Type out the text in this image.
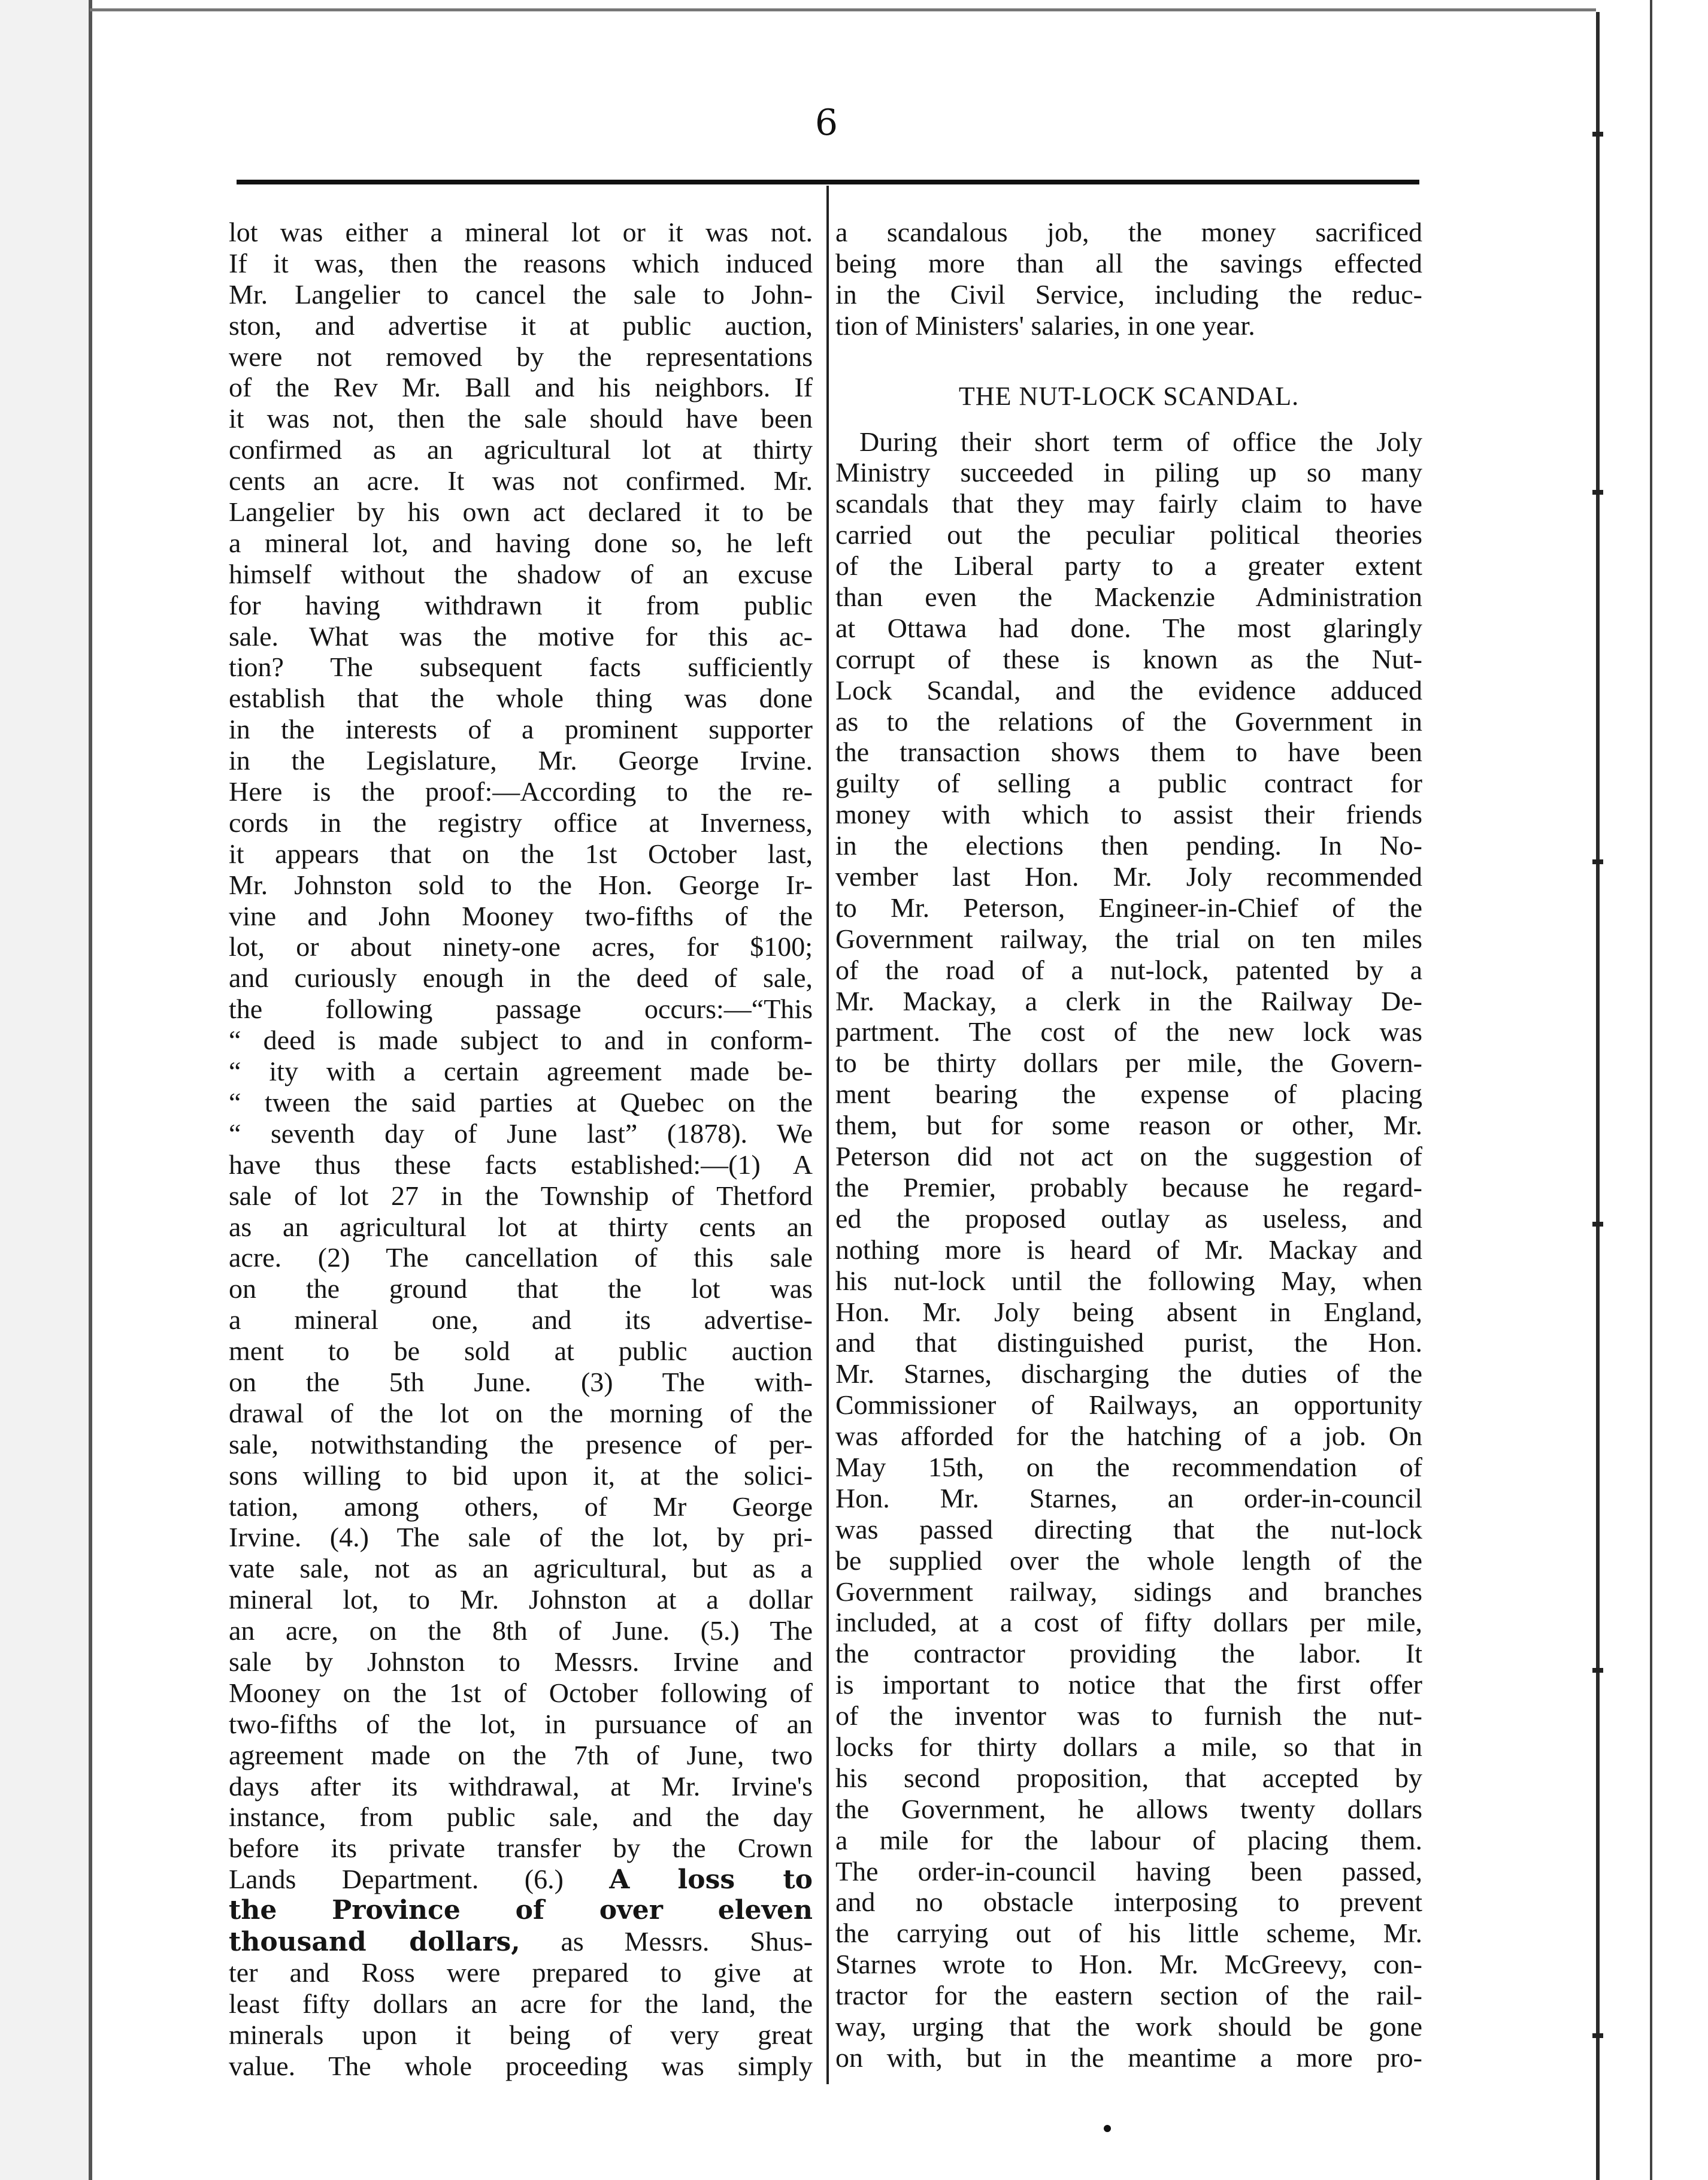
6
lot was either a mineral lot or it was not.
If it was, then the reasons which induced
Mr. Langelier to cancel the sale to John-
ston, and advertise it at public auction,
were not removed by the representations
of the Rev Mr. Ball and his neighbors. If
it was not, then the sale should have been
confirmed as an agricultural lot at thirty
cents an acre. It was not confirmed. Mr.
Langelier by his own act declared it to be
a mineral lot, and having done so, he left
himself without the shadow of an excuse
for having withdrawn it from public
sale. What was the motive for this ac-
tion? The subsequent facts sufficiently
establish that the whole thing was done
in the interests of a prominent supporter
in the Legislature, Mr. George Irvine.
Here is the proof:—According to the re-
cords in the registry office at Inverness,
it appears that on the 1st October last,
Mr. Johnston sold to the Hon. George Ir-
vine and John Mooney two-fifths of the
lot, or about ninety-one acres, for $100;
and curiously enough in the deed of sale,
the following passage occurs:—“This
“ deed is made subject to and in conform-
“ ity with a certain agreement made be-
“ tween the said parties at Quebec on the
“ seventh day of June last” (1878). We
have thus these facts established:—(1) A
sale of lot 27 in the Township of Thetford
as an agricultural lot at thirty cents an
acre. (2) The cancellation of this sale
on the ground that the lot was
a mineral one, and its advertise-
ment to be sold at public auction
on the 5th June. (3) The with-
drawal of the lot on the morning of the
sale, notwithstanding the presence of per-
sons willing to bid upon it, at the solici-
tation, among others, of Mr George
Irvine. (4.) The sale of the lot, by pri-
vate sale, not as an agricultural, but as a
mineral lot, to Mr. Johnston at a dollar
an acre, on the 8th of June. (5.) The
sale by Johnston to Messrs. Irvine and
Mooney on the 1st of October following of
two-fifths of the lot, in pursuance of an
agreement made on the 7th of June, two
days after its withdrawal, at Mr. Irvine's
instance, from public sale, and the day
before its private transfer by the Crown
Lands Department. (6.) A loss to
the Province of over eleven
thousand dollars, as Messrs. Shus-
ter and Ross were prepared to give at
least fifty dollars an acre for the land, the
minerals upon it being of very great
value. The whole proceeding was simply
a scandalous job, the money sacrificed
being more than all the savings effected
in the Civil Service, including the reduc-
tion of Ministers' salaries, in one year.
THE NUT-LOCK SCANDAL.
During their short term of office the Joly
Ministry succeeded in piling up so many
scandals that they may fairly claim to have
carried out the peculiar political theories
of the Liberal party to a greater extent
than even the Mackenzie Administration
at Ottawa had done. The most glaringly
corrupt of these is known as the Nut-
Lock Scandal, and the evidence adduced
as to the relations of the Government in
the transaction shows them to have been
guilty of selling a public contract for
money with which to assist their friends
in the elections then pending. In No-
vember last Hon. Mr. Joly recommended
to Mr. Peterson, Engineer-in-Chief of the
Government railway, the trial on ten miles
of the road of a nut-lock, patented by a
Mr. Mackay, a clerk in the Railway De-
partment. The cost of the new lock was
to be thirty dollars per mile, the Govern-
ment bearing the expense of placing
them, but for some reason or other, Mr.
Peterson did not act on the suggestion of
the Premier, probably because he regard-
ed the proposed outlay as useless, and
nothing more is heard of Mr. Mackay and
his nut-lock until the following May, when
Hon. Mr. Joly being absent in England,
and that distinguished purist, the Hon.
Mr. Starnes, discharging the duties of the
Commissioner of Railways, an opportunity
was afforded for the hatching of a job. On
May 15th, on the recommendation of
Hon. Mr. Starnes, an order-in-council
was passed directing that the nut-lock
be supplied over the whole length of the
Government railway, sidings and branches
included, at a cost of fifty dollars per mile,
the contractor providing the labor. It
is important to notice that the first offer
of the inventor was to furnish the nut-
locks for thirty dollars a mile, so that in
his second proposition, that accepted by
the Government, he allows twenty dollars
a mile for the labour of placing them.
The order-in-council having been passed,
and no obstacle interposing to prevent
the carrying out of his little scheme, Mr.
Starnes wrote to Hon. Mr. McGreevy, con-
tractor for the eastern section of the rail-
way, urging that the work should be gone
on with, but in the meantime a more pro-
